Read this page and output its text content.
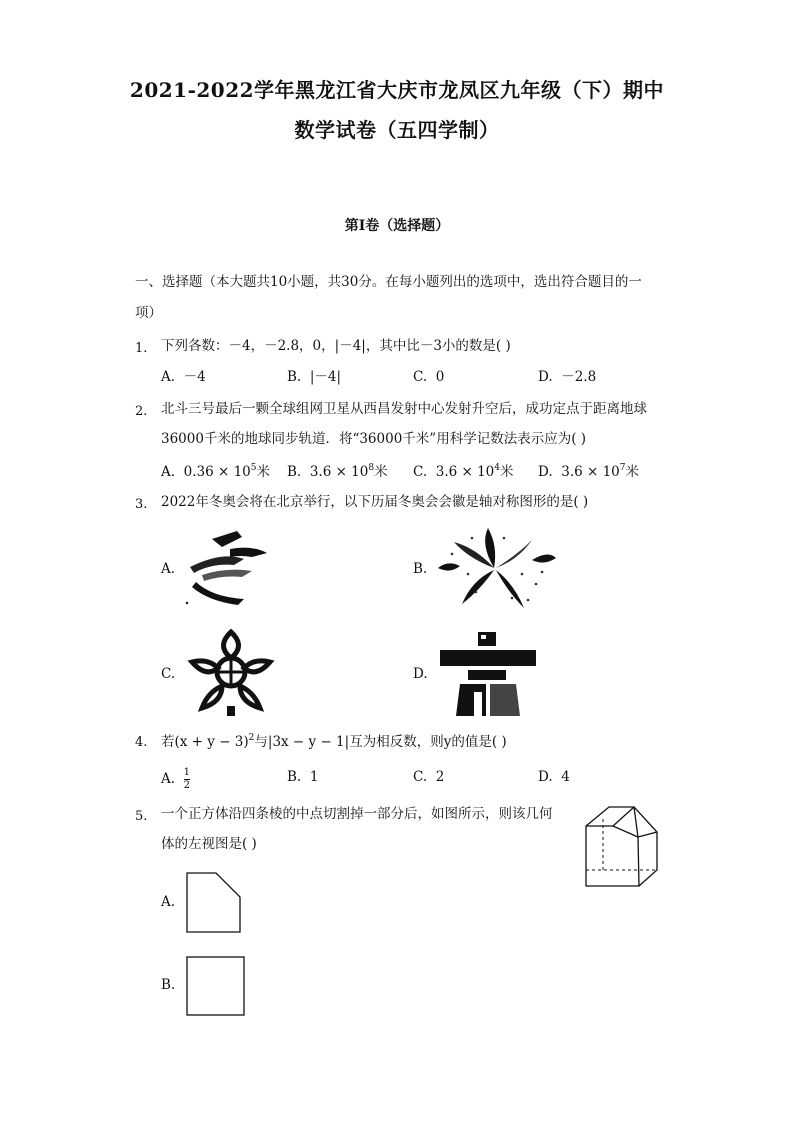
2021-2022学年黑龙江省大庆市龙凤区九年级（下）期中
数学试卷（五四学制）
第I卷（选择题）
一、选择题（本大题共10小题，共30分。在每小题列出的选项中，选出符合题目的一
项）
1. 下列各数：－4，－2.8，0，|－4|，其中比－3小的数是( )
A. －4	B. |－4|	C. 0	D. －2.8
2. 北斗三号最后一颗全球组网卫星从西昌发射中心发射升空后，成功定点于距离地球
36000千米的地球同步轨道．将“36000千米”用科学记数法表示应为( )
A. $0.36 \times 10^5$米 B. $3.6 \times 10^8$米 C. $3.6 \times 10^4$米 D. $3.6 \times 10^7$米
3. 2022年冬奥会将在北京举行，以下历届冬奥会会徽是轴对称图形的是( )
A.	B.
C.	D.
4. 若$(x + y - 3)^2$与|3x − y − 1|互为相反数，则y的值是( )
A. $\frac{1}{2}$	B. 1	C. 2	D. 4
5. 一个正方体沿四条棱的中点切割掉一部分后，如图所示，则该几何
体的左视图是( )
A.
B.
